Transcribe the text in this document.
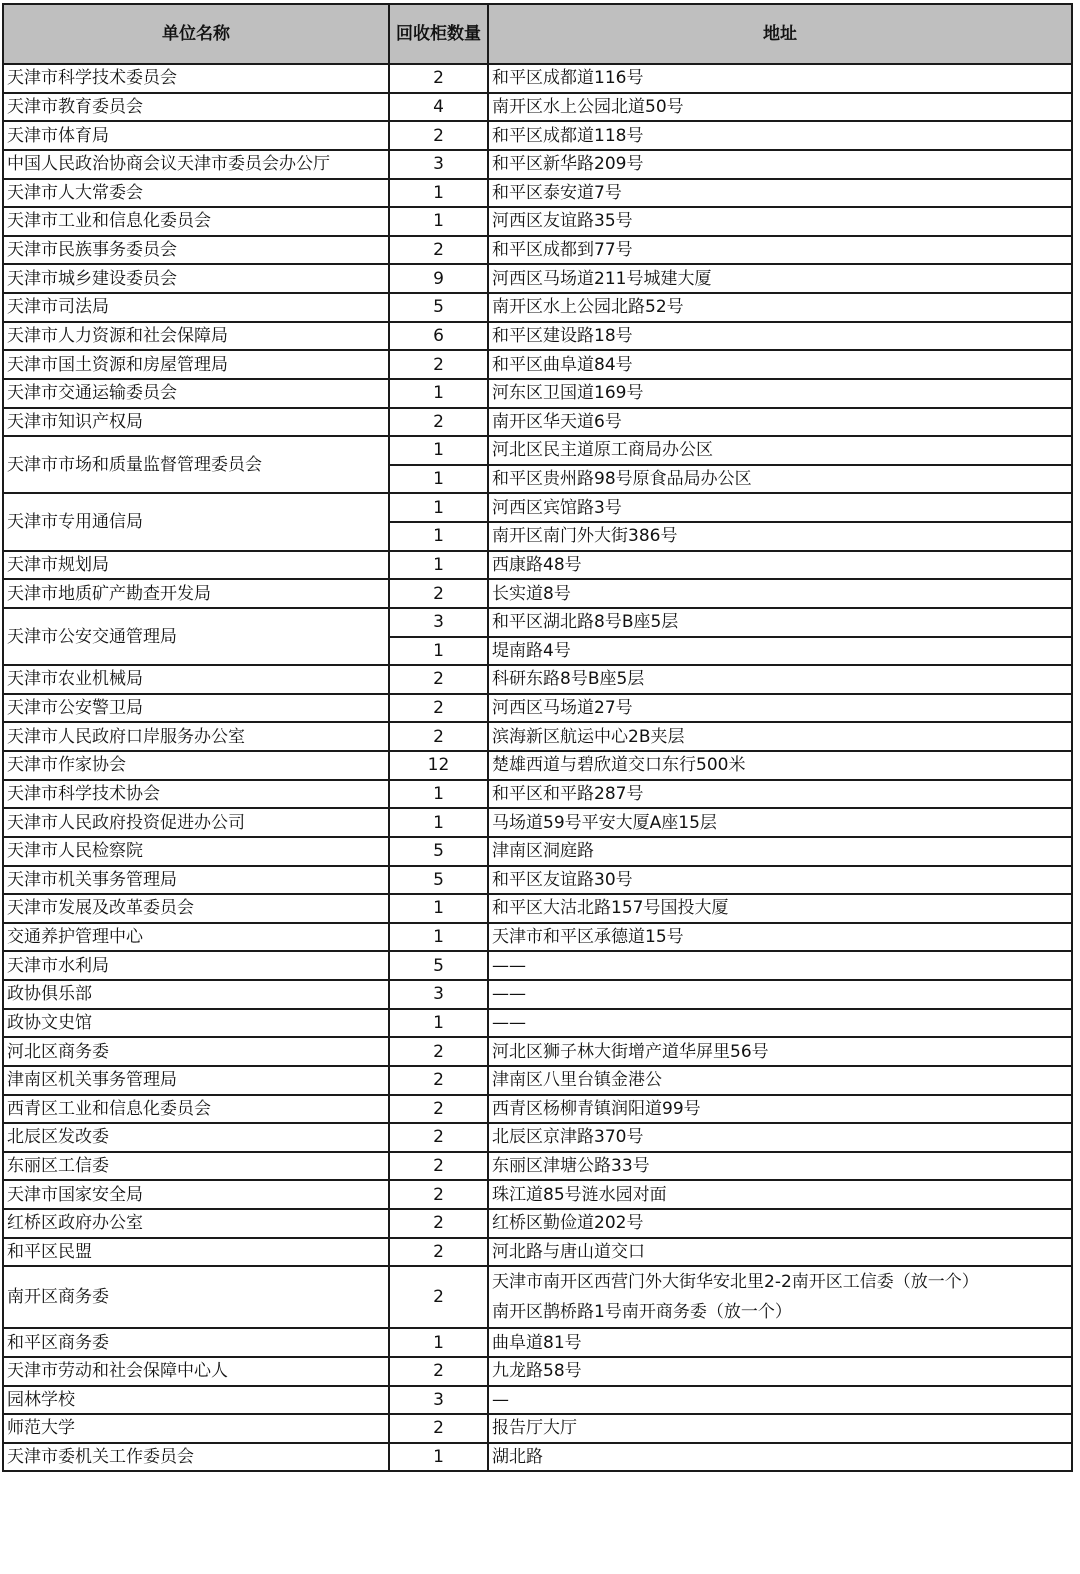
单位名称	回收柜数量	地址
天津市科学技术委员会	2	和平区成都道116号
天津市教育委员会	4	南开区水上公园北道50号
天津市体育局	2	和平区成都道118号
中国人民政治协商会议天津市委员会办公厅	3	和平区新华路209号
天津市人大常委会	1	和平区泰安道7号
天津市工业和信息化委员会	1	河西区友谊路35号
天津市民族事务委员会	2	和平区成都到77号
天津市城乡建设委员会	9	河西区马场道211号城建大厦
天津市司法局	5	南开区水上公园北路52号
天津市人力资源和社会保障局	6	和平区建设路18号
天津市国土资源和房屋管理局	2	和平区曲阜道84号
天津市交通运输委员会	1	河东区卫国道169号
天津市知识产权局	2	南开区华天道6号
天津市市场和质量监督管理委员会	1	河北区民主道原工商局办公区
	1	和平区贵州路98号原食品局办公区
天津市专用通信局	1	河西区宾馆路3号
	1	南开区南门外大街386号
天津市规划局	1	西康路48号
天津市地质矿产勘查开发局	2	长实道8号
天津市公安交通管理局	3	和平区湖北路8号B座5层
	1	堤南路4号
天津市农业机械局	2	科研东路8号B座5层
天津市公安警卫局	2	河西区马场道27号
天津市人民政府口岸服务办公室	2	滨海新区航运中心2B夹层
天津市作家协会	12	楚雄西道与碧欣道交口东行500米
天津市科学技术协会	1	和平区和平路287号
天津市人民政府投资促进办公司	1	马场道59号平安大厦A座15层
天津市人民检察院	5	津南区洞庭路
天津市机关事务管理局	5	和平区友谊路30号
天津市发展及改革委员会	1	和平区大沽北路157号国投大厦
交通养护管理中心	1	天津市和平区承德道15号
天津市水利局	5	——
政协俱乐部	3	——
政协文史馆	1	——
河北区商务委	2	河北区狮子林大街增产道华屏里56号
津南区机关事务管理局	2	津南区八里台镇金港公
西青区工业和信息化委员会	2	西青区杨柳青镇润阳道99号
北辰区发改委	2	北辰区京津路370号
东丽区工信委	2	东丽区津塘公路33号
天津市国家安全局	2	珠江道85号涟水园对面
红桥区政府办公室	2	红桥区勤俭道202号
和平区民盟	2	河北路与唐山道交口
南开区商务委	2	天津市南开区西营门外大街华安北里2-2南开区工信委（放一个）
南开区鹊桥路1号南开商务委（放一个）

和平区商务委	1	曲阜道81号
天津市劳动和社会保障中心人	2	九龙路58号
园林学校	3	—
师范大学	2	报告厅大厅
天津市委机关工作委员会	1	湖北路
